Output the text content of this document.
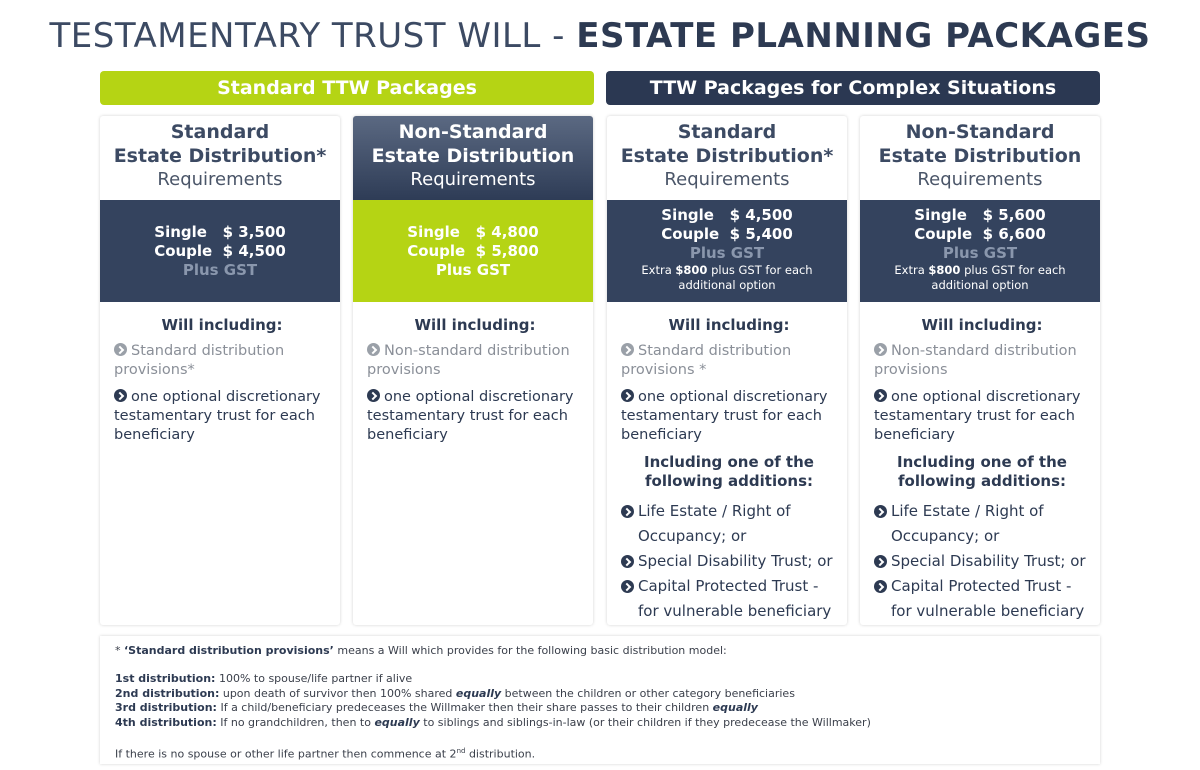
TESTAMENTARY TRUST WILL - ESTATE PLANNING PACKAGES
Standard TTW Packages	TTW Packages for Complex Situations
Standard
Estate Distribution*
Requirements
Single   $ 3,500
Couple  $ 4,500
Plus GST
Will including:
Standard distribution provisions*
one optional discretionary testamentary trust for each beneficiary
Non-Standard
Estate Distribution
Requirements
Single   $ 4,800
Couple  $ 5,800
Plus GST
Will including:
Non-standard distribution provisions
one optional discretionary testamentary trust for each beneficiary
Standard
Estate Distribution*
Requirements
Single   $ 4,500
Couple  $ 5,400
Plus GST
Extra $800 plus GST for each additional option
Will including:
Standard distribution provisions *
one optional discretionary testamentary trust for each beneficiary
Including one of the following additions:
Life Estate / Right of Occupancy; or
Special Disability Trust; or
Capital Protected Trust - for vulnerable beneficiary
Non-Standard
Estate Distribution
Requirements
Single   $ 5,600
Couple  $ 6,600
Plus GST
Extra $800 plus GST for each additional option
Will including:
Non-standard distribution provisions
one optional discretionary testamentary trust for each beneficiary
Including one of the following additions:
Life Estate / Right of Occupancy; or
Special Disability Trust; or
Capital Protected Trust - for vulnerable beneficiary
* ‘Standard distribution provisions’ means a Will which provides for the following basic distribution model:
1st distribution: 100% to spouse/life partner if alive
2nd distribution: upon death of survivor then 100% shared equally between the children or other category beneficiaries
3rd distribution: If a child/beneficiary predeceases the Willmaker then their share passes to their children equally
4th distribution: If no grandchildren, then to equally to siblings and siblings-in-law (or their children if they predecease the Willmaker)
If there is no spouse or other life partner then commence at 2nd distribution.
